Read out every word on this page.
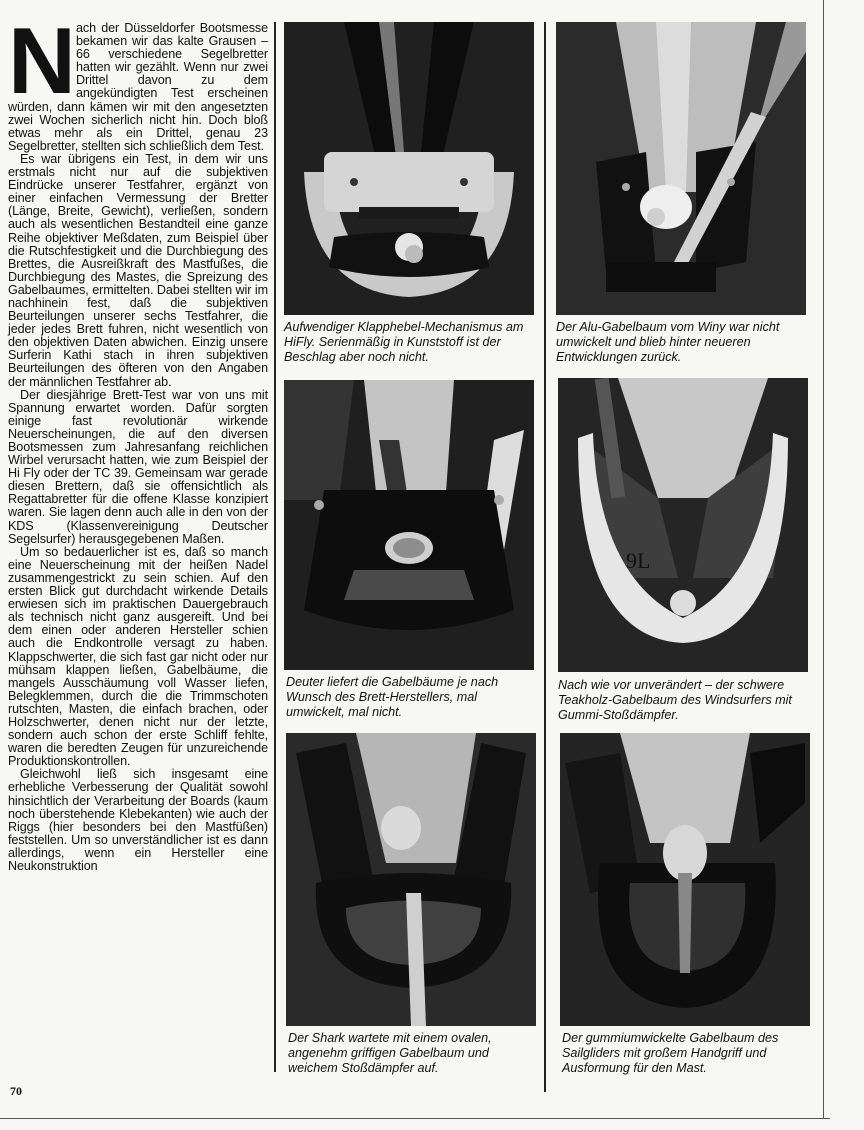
Nach der Düsseldorfer Bootsmesse bekamen wir das kalte Grausen – 66 verschiedene Segelbretter hatten wir gezählt. Wenn nur zwei Drittel davon zu dem angekündigten Test erscheinen würden, dann kämen wir mit den angesetzten zwei Wochen sicherlich nicht hin. Doch bloß etwas mehr als ein Drittel, genau 23 Segelbretter, stellten sich schließlich dem Test.

Es war übrigens ein Test, in dem wir uns erstmals nicht nur auf die subjektiven Eindrücke unserer Testfahrer, ergänzt von einer einfachen Vermessung der Bretter (Länge, Breite, Gewicht), verließen, sondern auch als wesentlichen Bestandteil eine ganze Reihe objektiver Meßdaten, zum Beispiel über die Rutschfestigkeit und die Durchbiegung des Brettes, die Ausreißkraft des Mastfußes, die Durchbiegung des Mastes, die Spreizung des Gabelbaumes, ermittelten. Dabei stellten wir im nachhinein fest, daß die subjektiven Beurteilungen unserer sechs Testfahrer, die jeder jedes Brett fuhren, nicht wesentlich von den objektiven Daten abwichen. Einzig unsere Surferin Kathi stach in ihren subjektiven Beurteilungen des öfteren von den Angaben der männlichen Testfahrer ab.

Der diesjährige Brett-Test war von uns mit Spannung erwartet worden. Dafür sorgten einige fast revolutionär wirkende Neuerscheinungen, die auf den diversen Bootsmessen zum Jahresanfang reichlichen Wirbel verursacht hatten, wie zum Beispiel der Hi Fly oder der TC 39. Gemeinsam war gerade diesen Brettern, daß sie offensichtlich als Regattabretter für die offene Klasse konzipiert waren. Sie lagen denn auch alle in den von der KDS (Klassenvereinigung Deutscher Segelsurfer) herausgegebenen Maßen.

Um so bedauerlicher ist es, daß so manch eine Neuerscheinung mit der heißen Nadel zusammengestrickt zu sein schien. Auf den ersten Blick gut durchdacht wirkende Details erwiesen sich im praktischen Dauergebrauch als technisch nicht ganz ausgereift. Und bei dem einen oder anderen Hersteller schien auch die Endkontrolle versagt zu haben. Klappschwerter, die sich fast gar nicht oder nur mühsam klappen ließen, Gabelbäume, die mangels Ausschäumung voll Wasser liefen, Belegklemmen, durch die die Trimmschoten rutschten, Masten, die einfach brachen, oder Holzschwerter, denen nicht nur der letzte, sondern auch schon der erste Schliff fehlte, waren die beredten Zeugen für unzureichende Produktionskontrollen.

Gleichwohl ließ sich insgesamt eine erhebliche Verbesserung der Qualität sowohl hinsichtlich der Verarbeitung der Boards (kaum noch überstehende Klebekanten) wie auch der Riggs (hier besonders bei den Mastfüßen) feststellen. Um so unverständlicher ist es dann allerdings, wenn ein Hersteller eine Neukonstruktion

70
Aufwendiger Klapphebel-Mechanismus am HiFly. Serienmäßig in Kunststoff ist der Beschlag aber noch nicht.
Der Alu-Gabelbaum vom Winy war nicht umwickelt und blieb hinter neueren Entwicklungen zurück.
Deuter liefert die Gabelbäume je nach Wunsch des Brett-Herstellers, mal umwickelt, mal nicht.
9L
Nach wie vor unverändert – der schwere Teakholz-Gabelbaum des Windsurfers mit Gummi-Stoßdämpfer.
Der Shark wartete mit einem ovalen, angenehm griffigen Gabelbaum und weichem Stoßdämpfer auf.
Der gummiumwickelte Gabelbaum des Sailgliders mit großem Handgriff und Ausformung für den Mast.
